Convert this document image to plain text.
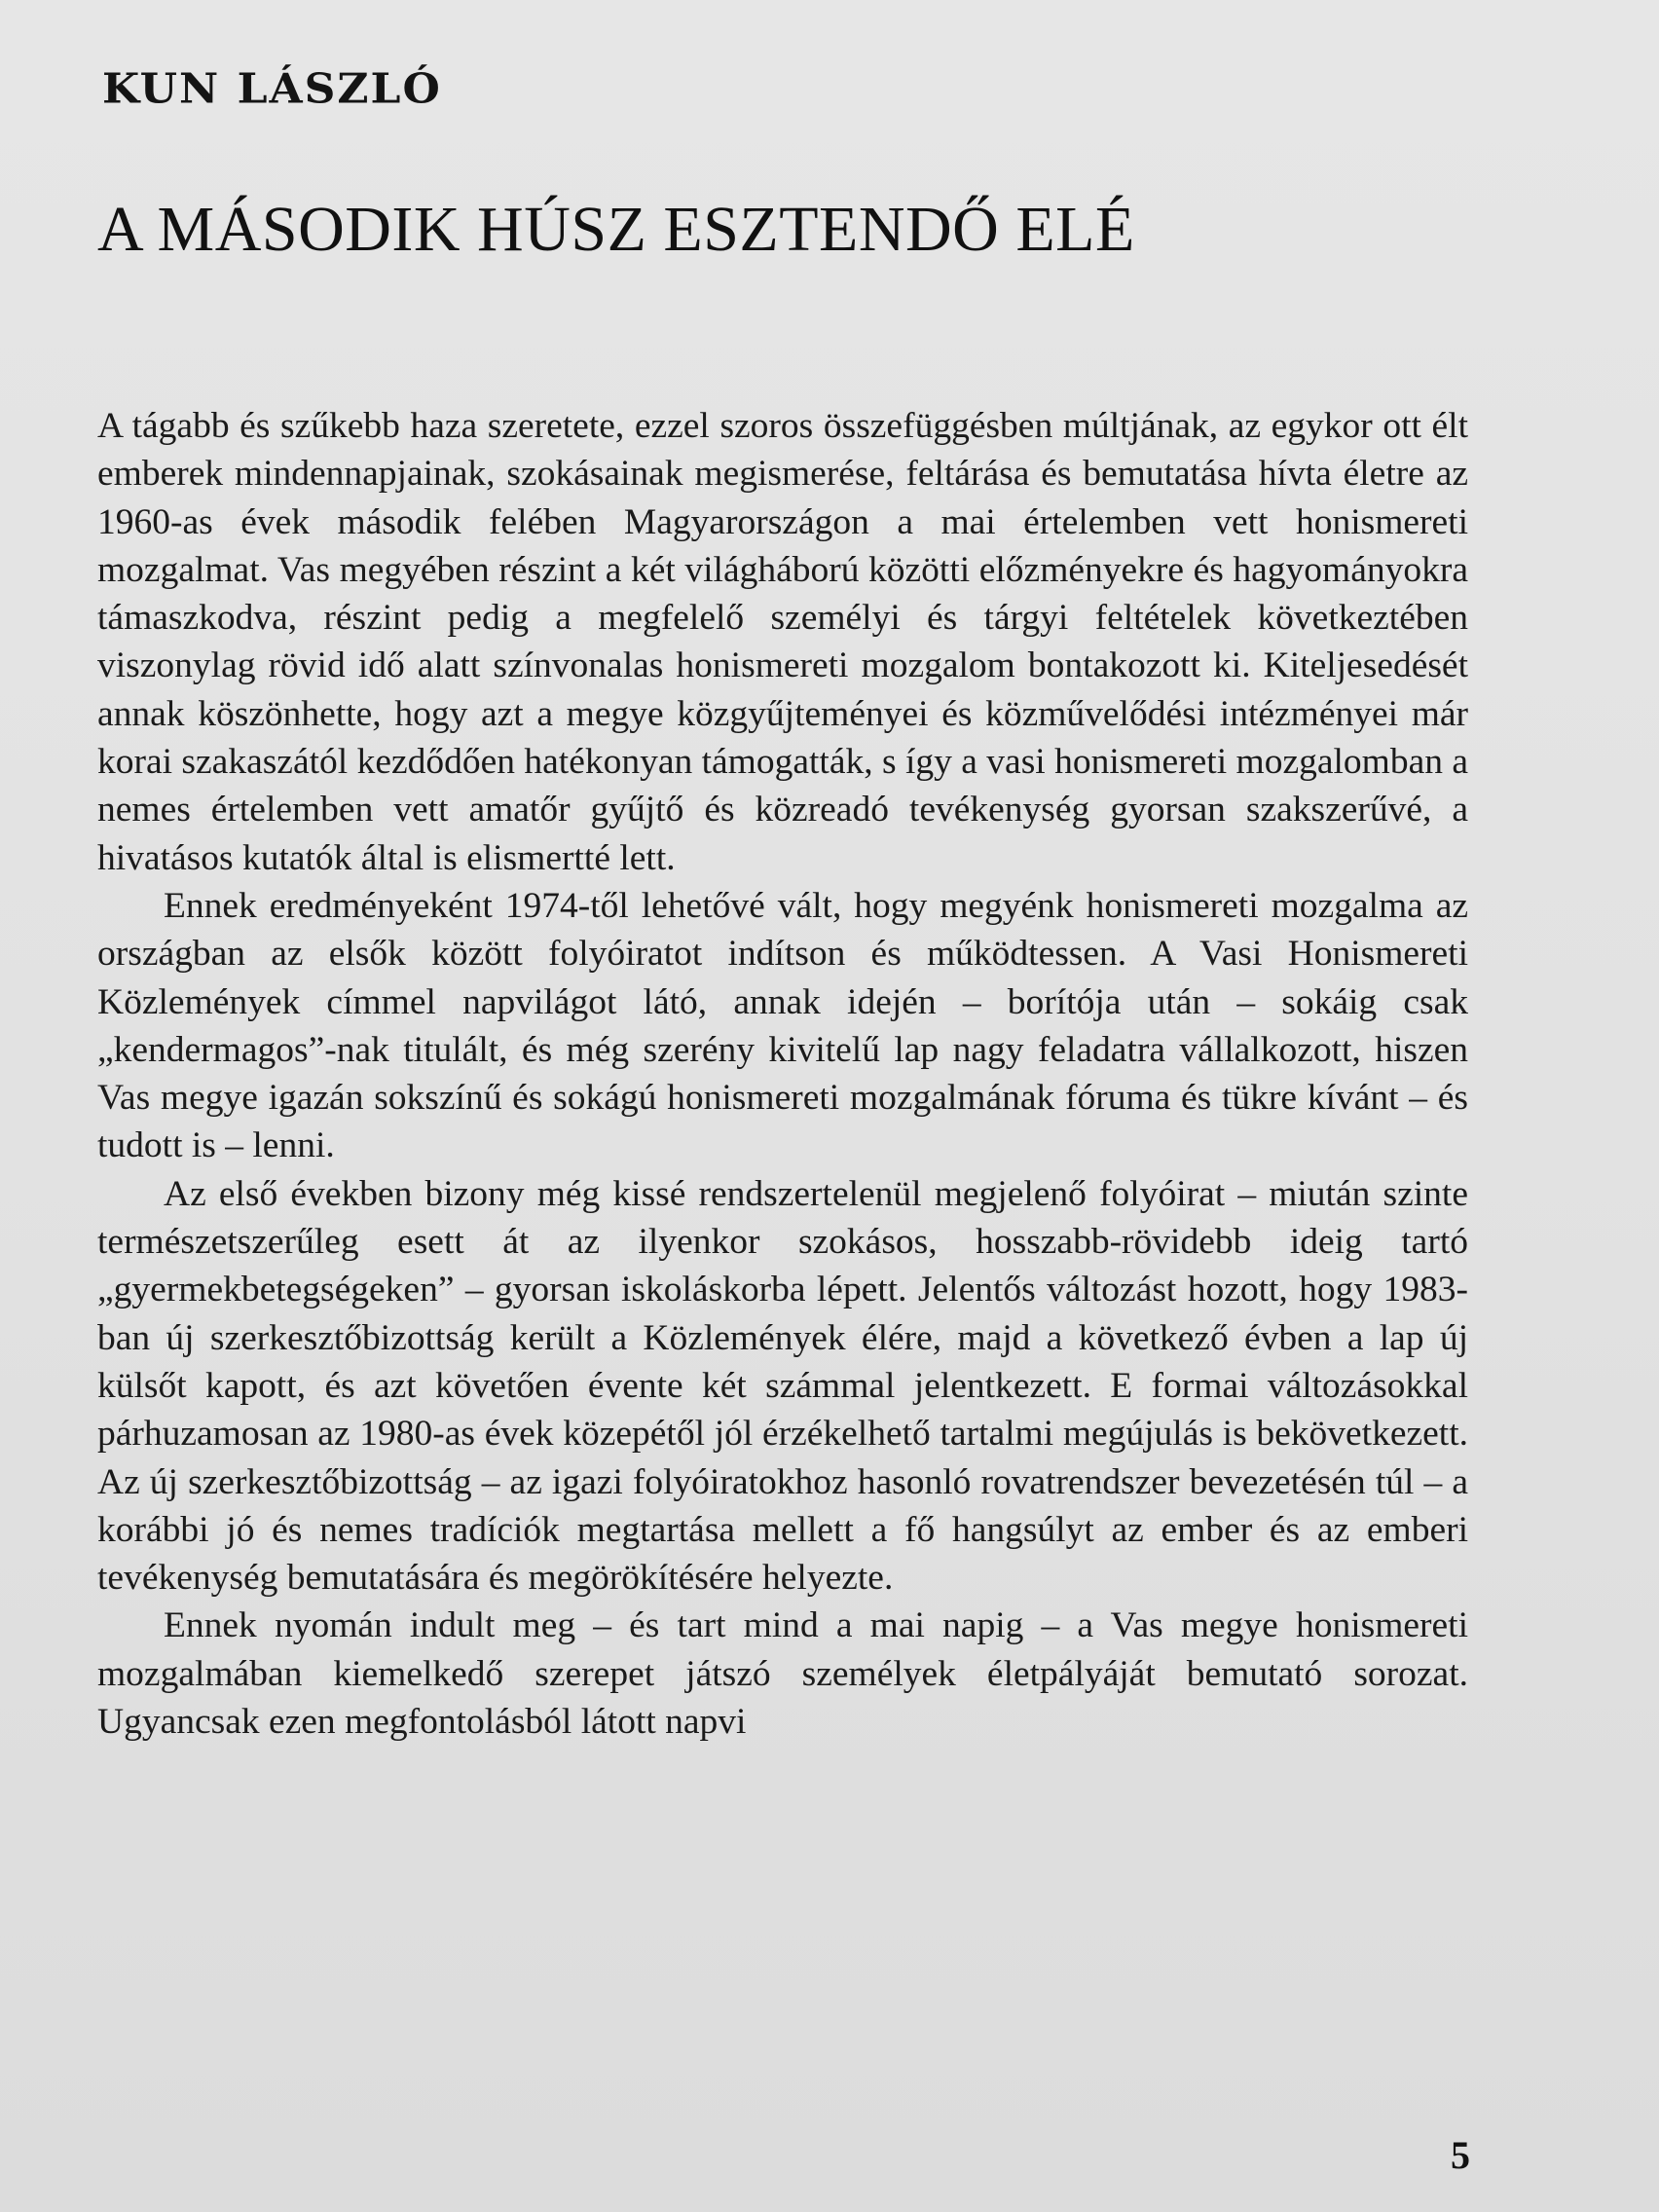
KUN LÁSZLÓ
A MÁSODIK HÚSZ ESZTENDŐ ELÉ

A tágabb és szűkebb haza szeretete, ezzel szoros összefüggésben múltjának, az egykor ott élt emberek mindennapjainak, szokásainak megismerése, feltárása és bemutatása hívta életre az 1960-as évek második felében Magyarországon a mai értelemben vett honismereti mozgalmat. Vas megyében részint a két világháború közötti előzményekre és hagyományokra támaszkodva, részint pedig a megfelelő személyi és tárgyi feltételek következtében viszonylag rövid idő alatt színvonalas honismereti mozgalom bontakozott ki. Kiteljesedését annak köszönhette, hogy azt a megye közgyűjteményei és közművelődési intézményei már korai szakaszától kezdődően hatékonyan támogatták, s így a vasi honismereti mozgalomban a nemes értelemben vett amatőr gyűjtő és közreadó tevékenység gyorsan szakszerűvé, a hivatásos kutatók által is elismertté lett.

Ennek eredményeként 1974-től lehetővé vált, hogy megyénk honismereti mozgalma az országban az elsők között folyóiratot indítson és működtessen. A Vasi Honismereti Közlemények címmel napvilágot látó, annak idején – borítója után – sokáig csak „kendermagos”-nak titulált, és még szerény kivitelű lap nagy feladatra vállalkozott, hiszen Vas megye igazán sokszínű és sokágú honismereti mozgalmának fóruma és tükre kívánt – és tudott is – lenni.

Az első években bizony még kissé rendszertelenül megjelenő folyóirat – miután szinte természetszerűleg esett át az ilyenkor szokásos, hosszabb-rövidebb ideig tartó „gyermekbetegségeken” – gyorsan iskoláskorba lépett. Jelentős változást hozott, hogy 1983-ban új szerkesztőbizottság került a Közlemények élére, majd a következő évben a lap új külsőt kapott, és azt követően évente két számmal jelentkezett. E formai változásokkal párhuzamosan az 1980-as évek közepétől jól érzékelhető tartalmi megújulás is bekövetkezett. Az új szerkesztőbizottság – az igazi folyóiratokhoz hasonló rovatrendszer bevezetésén túl – a korábbi jó és nemes tradíciók megtartása mellett a fő hangsúlyt az ember és az emberi tevékenység bemutatására és megörökítésére helyezte.

Ennek nyomán indult meg – és tart mind a mai napig – a Vas megye honismereti mozgalmában kiemelkedő szerepet játszó személyek életpályáját bemutató sorozat. Ugyancsak ezen megfontolásból látott napvi

5
